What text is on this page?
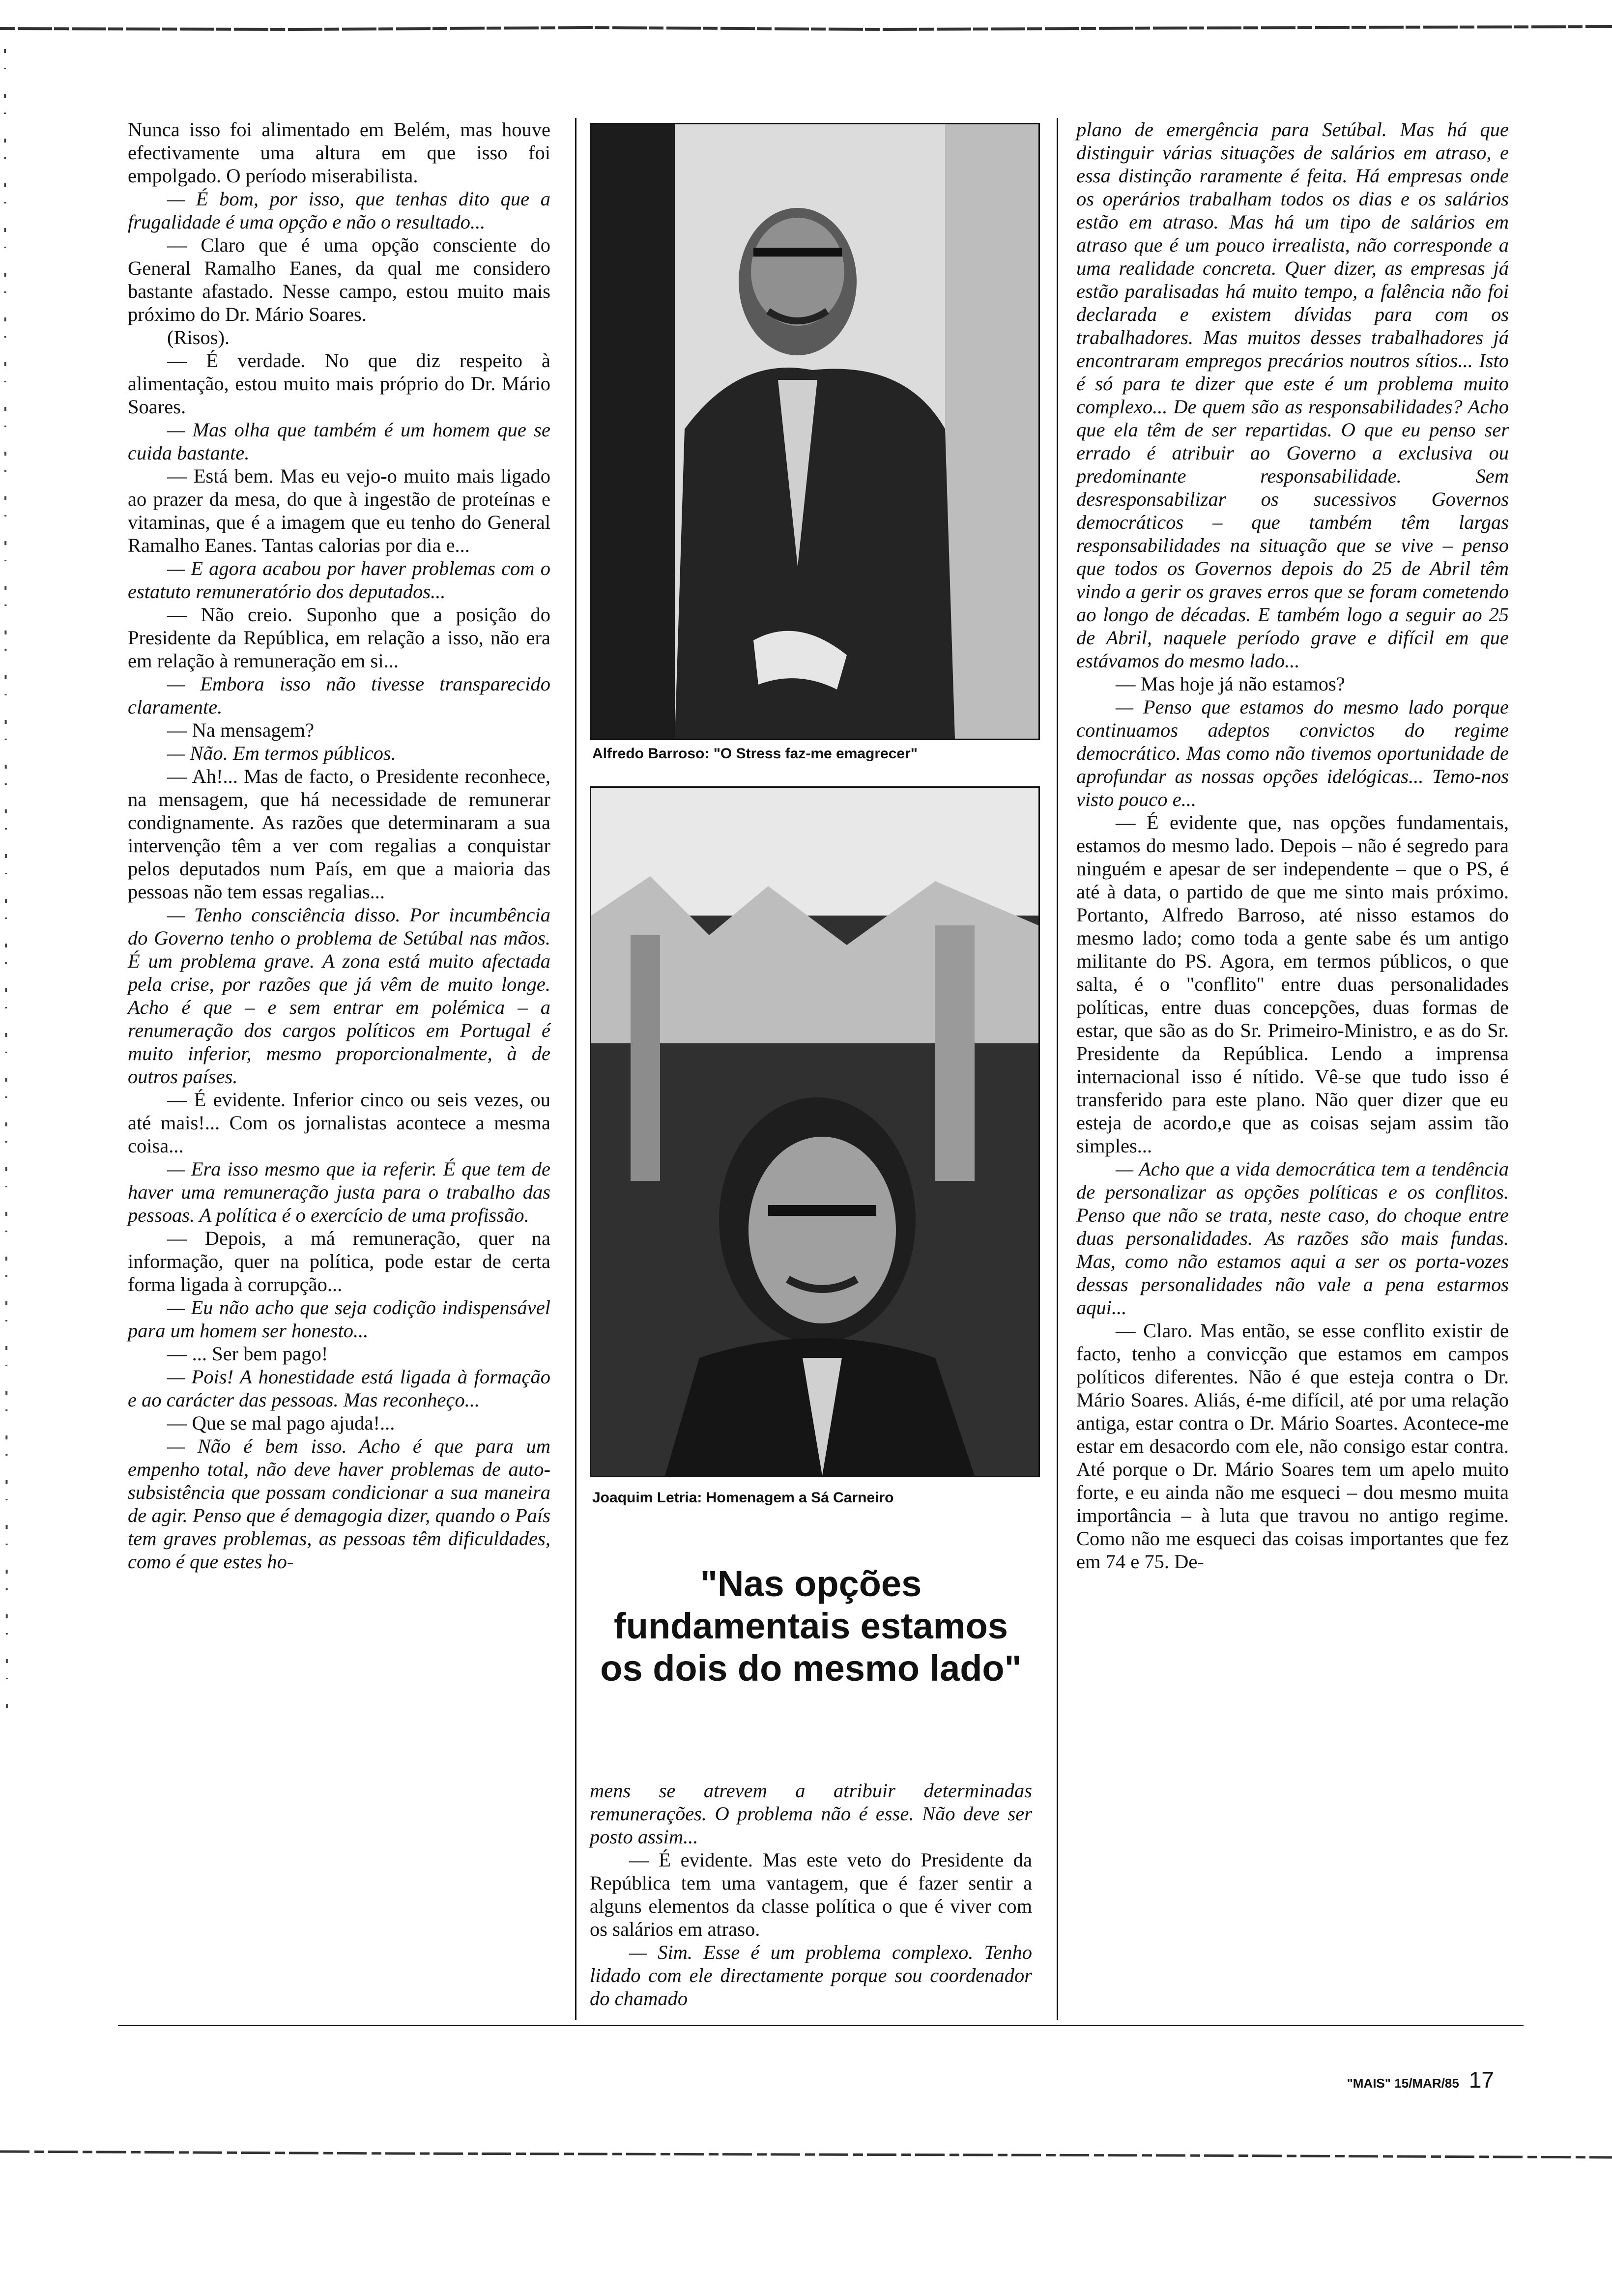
Nunca isso foi alimentado em Belém, mas houve efectivamente uma altura em que isso foi empolgado. O período miserabilista.

— É bom, por isso, que tenhas dito que a frugalidade é uma opção e não o resultado...

— Claro que é uma opção consciente do General Ramalho Eanes, da qual me considero bastante afastado. Nesse campo, estou muito mais próximo do Dr. Mário Soares.

(Risos).

— É verdade. No que diz respeito à alimentação, estou muito mais próprio do Dr. Mário Soares.

— Mas olha que também é um homem que se cuida bastante.

— Está bem. Mas eu vejo-o muito mais ligado ao prazer da mesa, do que à ingestão de proteínas e vitaminas, que é a imagem que eu tenho do General Ramalho Eanes. Tantas calorias por dia e...

— E agora acabou por haver problemas com o estatuto remuneratório dos deputados...

— Não creio. Suponho que a posição do Presidente da República, em relação a isso, não era em relação à remuneração em si...

— Embora isso não tivesse transparecido claramente.

— Na mensagem?

— Não. Em termos públicos.

— Ah!... Mas de facto, o Presidente reconhece, na mensagem, que há necessidade de remunerar condignamente. As razões que determinaram a sua intervenção têm a ver com regalias a conquistar pelos deputados num País, em que a maioria das pessoas não tem essas regalias...

— Tenho consciência disso. Por incumbência do Governo tenho o problema de Setúbal nas mãos. É um problema grave. A zona está muito afectada pela crise, por razões que já vêm de muito longe. Acho é que – e sem entrar em polémica – a renumeração dos cargos políticos em Portugal é muito inferior, mesmo proporcionalmente, à de outros países.

— É evidente. Inferior cinco ou seis vezes, ou até mais!... Com os jornalistas acontece a mesma coisa...

— Era isso mesmo que ia referir. É que tem de haver uma remuneração justa para o trabalho das pessoas. A política é o exercício de uma profissão.

— Depois, a má remuneração, quer na informação, quer na política, pode estar de certa forma ligada à corrupção...

— Eu não acho que seja codição indispensável para um homem ser honesto...

— ... Ser bem pago!

— Pois! A honestidade está ligada à formação e ao carácter das pessoas. Mas reconheço...

— Que se mal pago ajuda!...

— Não é bem isso. Acho é que para um empenho total, não deve haver problemas de auto-subsistência que possam condicionar a sua maneira de agir. Penso que é demagogia dizer, quando o País tem graves problemas, as pessoas têm dificuldades, como é que estes ho-

Alfredo Barroso: "O Stress faz-me emagrecer"
Joaquim Letria: Homenagem a Sá Carneiro
"Nas opções fundamentais estamos os dois do mesmo lado"

mens se atrevem a atribuir determinadas remunerações. O problema não é esse. Não deve ser posto assim...

— É evidente. Mas este veto do Presidente da República tem uma vantagem, que é fazer sentir a alguns elementos da classe política o que é viver com os salários em atraso.

— Sim. Esse é um problema complexo. Tenho lidado com ele directamente porque sou coordenador do chamado

plano de emergência para Setúbal. Mas há que distinguir várias situações de salários em atraso, e essa distinção raramente é feita. Há empresas onde os operários trabalham todos os dias e os salários estão em atraso. Mas há um tipo de salários em atraso que é um pouco irrealista, não corresponde a uma realidade concreta. Quer dizer, as empresas já estão paralisadas há muito tempo, a falência não foi declarada e existem dívidas para com os trabalhadores. Mas muitos desses trabalhadores já encontraram empregos precários noutros sítios... Isto é só para te dizer que este é um problema muito complexo... De quem são as responsabilidades? Acho que ela têm de ser repartidas. O que eu penso ser errado é atribuir ao Governo a exclusiva ou predominante responsabilidade. Sem desresponsabilizar os sucessivos Governos democráticos – que também têm largas responsabilidades na situação que se vive – penso que todos os Governos depois do 25 de Abril têm vindo a gerir os graves erros que se foram cometendo ao longo de décadas. E também logo a seguir ao 25 de Abril, naquele período grave e difícil em que estávamos do mesmo lado...

— Mas hoje já não estamos?

— Penso que estamos do mesmo lado porque continuamos adeptos convictos do regime democrático. Mas como não tivemos oportunidade de aprofundar as nossas opções idelógicas... Temo-nos visto pouco e...

— É evidente que, nas opções fundamentais, estamos do mesmo lado. Depois – não é segredo para ninguém e apesar de ser independente – que o PS, é até à data, o partido de que me sinto mais próximo. Portanto, Alfredo Barroso, até nisso estamos do mesmo lado; como toda a gente sabe és um antigo militante do PS. Agora, em termos públicos, o que salta, é o "conflito" entre duas personalidades políticas, entre duas concepções, duas formas de estar, que são as do Sr. Primeiro-Ministro, e as do Sr. Presidente da República. Lendo a imprensa internacional isso é nítido. Vê-se que tudo isso é transferido para este plano. Não quer dizer que eu esteja de acordo,e que as coisas sejam assim tão simples...

— Acho que a vida democrática tem a tendência de personalizar as opções políticas e os conflitos. Penso que não se trata, neste caso, do choque entre duas personalidades. As razões são mais fundas. Mas, como não estamos aqui a ser os porta-vozes dessas personalidades não vale a pena estarmos aqui...

— Claro. Mas então, se esse conflito existir de facto, tenho a convicção que estamos em campos políticos diferentes. Não é que esteja contra o Dr. Mário Soares. Aliás, é-me difícil, até por uma relação antiga, estar contra o Dr. Mário Soartes. Acontece-me estar em desacordo com ele, não consigo estar contra. Até porque o Dr. Mário Soares tem um apelo muito forte, e eu ainda não me esqueci – dou mesmo muita importância – à luta que travou no antigo regime. Como não me esqueci das coisas importantes que fez em 74 e 75. De-

"MAIS" 15/MAR/85 17
